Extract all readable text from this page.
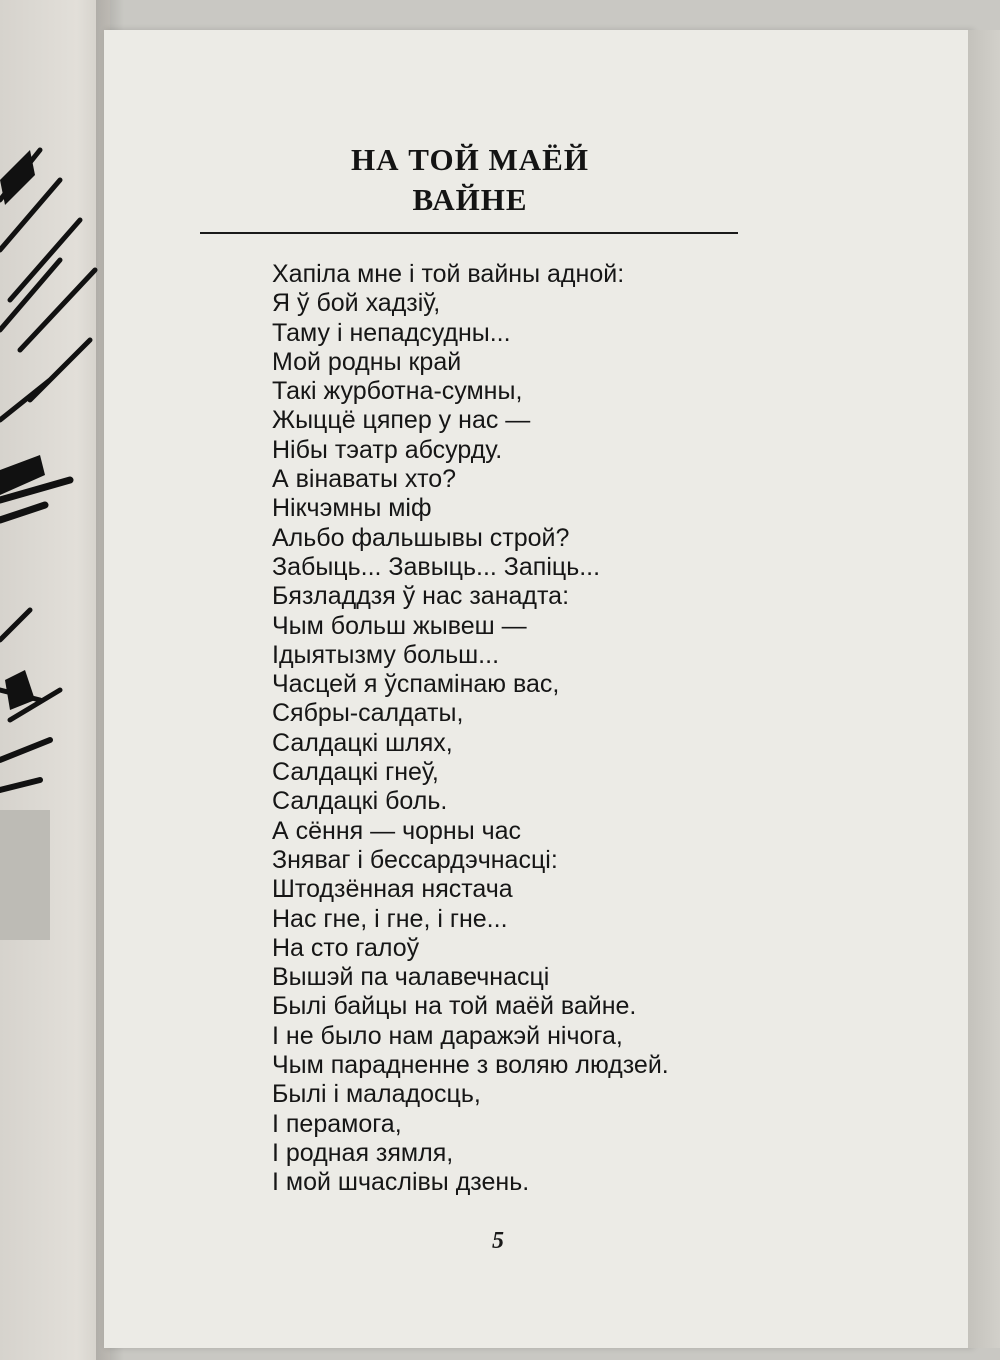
НА ТОЙ МАЁЙ
ВАЙНЕ
Хапіла мне і той вайны адной:
Я ў бой хадзіў,
Таму і непадсудны...
Мой родны край
Такі журботна-сумны,
Жыццё цяпер у нас —
Нібы тэатр абсурду.
А вінаваты хто?
Нікчэмны міф
Альбо фальшывы строй?
Забыць... Завыць... Запіць...
Бязладдзя ў нас занадта:
Чым больш жывеш —
Ідыятызму больш...
Часцей я ўспамінаю вас,
Сябры-салдаты,
Салдацкі шлях,
Салдацкі гнеў,
Салдацкі боль.
А сёння — чорны час
Зняваг і бессардэчнасці:
Штодзённая нястача
Нас гне, і гне, і гне...
На сто галоў
Вышэй па чалавечнасці
Былі байцы на той маёй вайне.
І не было нам даражэй нічога,
Чым парадненне з воляю людзей.
Былі і маладосць,
І перамога,
І родная зямля,
І мой шчаслівы дзень.
5
